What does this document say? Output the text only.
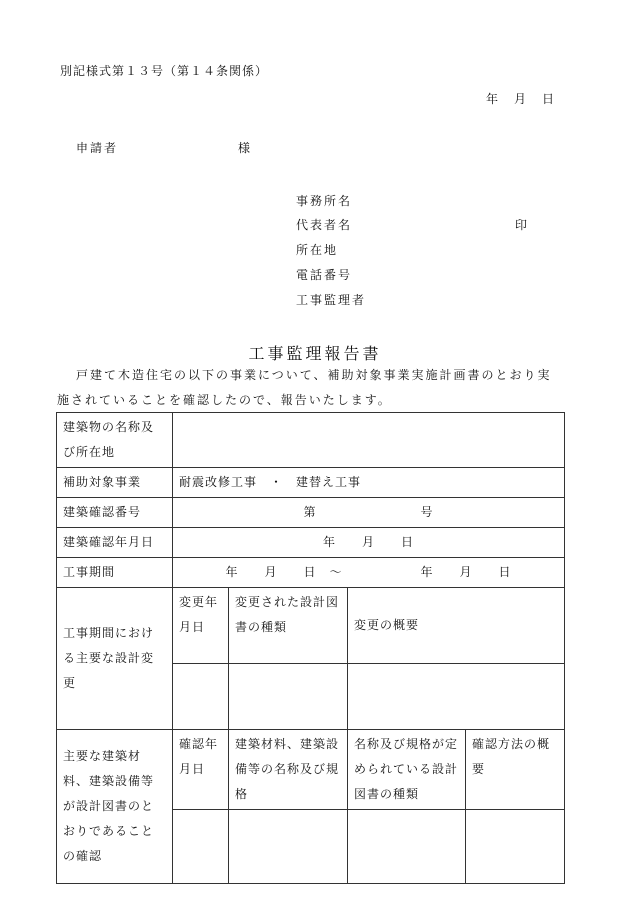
別記様式第１３号（第１４条関係）
年 月 日
申請者	様
事務所名
代表者名	印
所在地
電話番号
工事監理者
工事監理報告書
戸建て木造住宅の以下の事業について、補助対象事業実施計画書のとおり実
施されていることを確認したので、報告いたします。
建築物の名称及び所在地				
補助対象事業	耐震改修工事　・　建替え工事			
建築確認番号	第　　　　　　　　号			
建築確認年月日	年　　月　　日			
工事期間	年　　月　　日　～　　　　　　年　　月　　日			
工事期間における主要な設計変更	変更年月日	変更された設計図書の種類	変更の概要	

主要な建築材料、建築設備等が設計図書のとおりであることの確認	確認年月日	建築材料、建築設備等の名称及び規格	名称及び規格が定められている設計図書の種類	確認方法の概要
